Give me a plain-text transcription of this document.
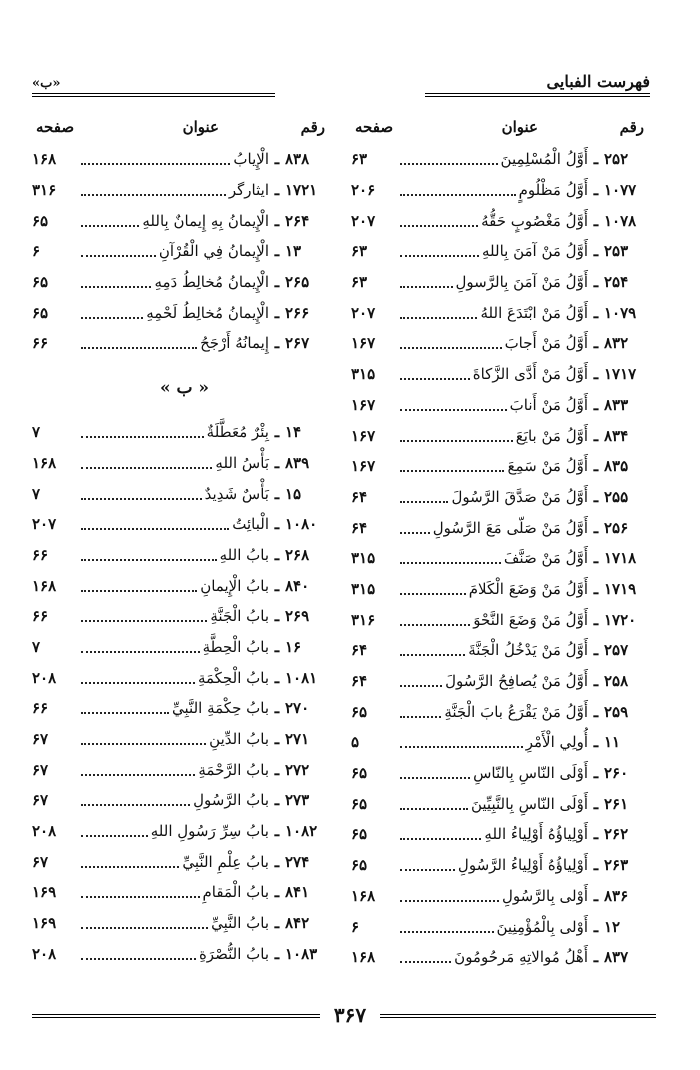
فهرست الفبایی
«ب»
رقم
عنوان
صفحه
۲۵۲
ـ
أَوَّلُ الْمُسْلِمِینَ
۶۳
۱۰۷۷
ـ
أَوَّلُ مَظْلُومٍ
۲۰۶
۱۰۷۸
ـ
أَوَّلُ مَغْصُوبٍ حَقُّهُ
۲۰۷
۲۵۳
ـ
أَوَّلُ مَنْ آمَنَ بِاللهِ
۶۳
۲۵۴
ـ
أَوَّلُ مَنْ آمَنَ بِالرَّسولِ
۶۳
۱۰۷۹
ـ
أَوَّلُ مَنْ ابْتَدَعَ اللهُ
۲۰۷
۸۳۲
ـ
أَوَّلُ مَنْ أَجابَ
۱۶۷
۱۷۱۷
ـ
أَوَّلُ مَنْ أَدَّى الزَّكاةَ
۳۱۵
۸۳۳
ـ
أَوَّلُ مَنْ أَنابَ
۱۶۷
۸۳۴
ـ
أَوَّلُ مَنْ بايَعَ
۱۶۷
۸۳۵
ـ
أَوَّلُ مَنْ سَمِعَ
۱۶۷
۲۵۵
ـ
أَوَّلُ مَنْ صَدَّقَ الرَّسُولَ
۶۴
۲۵۶
ـ
أَوَّلُ مَنْ صَلّى مَعَ الرَّسُولِ
۶۴
۱۷۱۸
ـ
أَوَّلُ مَنْ صَنَّفَ
۳۱۵
۱۷۱۹
ـ
أَوَّلُ مَنْ وَضَعَ الْكَلامَ
۳۱۵
۱۷۲۰
ـ
أَوَّلُ مَنْ وَضَعَ النَّحْوَ
۳۱۶
۲۵۷
ـ
أَوَّلُ مَنْ يَدْخُلُ الْجَنَّةَ
۶۴
۲۵۸
ـ
أَوَّلُ مَنْ يُصافِحُ الرَّسُولَ
۶۴
۲۵۹
ـ
أَوَّلُ مَنْ يَقْرَعُ بابَ الْجَنَّةِ
۶۵
۱۱
ـ
أُولِي الْأَمْرِ
۵
۲۶۰
ـ
أَوْلَى النّاسِ بِالنّاسِ
۶۵
۲۶۱
ـ
أَوْلَى النّاسِ بِالنَّبِيِّينَ
۶۵
۲۶۲
ـ
أَوْلِياؤُهُ أَوْلِياءُ اللهِ
۶۵
۲۶۳
ـ
أَوْلِياؤُهُ أَوْلِياءُ الرَّسُولِ
۶۵
۸۳۶
ـ
أَوْلى بِالرَّسُولِ
۱۶۸
۱۲
ـ
أَوْلى بِالْمُؤْمِنِينَ
۶
۸۳۷
ـ
أَهْلُ مُوالاتِهِ مَرحُومُونَ
۱۶۸
رقم
عنوان
صفحه
۸۳۸
ـ
الْإِيابُ
۱۶۸
۱۷۲۱
ـ
ایثارگر
۳۱۶
۲۶۴
ـ
الْإِيمانُ بِهِ إِيمانٌ بِاللهِ
۶۵
۱۳
ـ
الْإِيمانُ فِي الْقُرْآنِ
۶
۲۶۵
ـ
الْإِيمانُ مُخالِطُ دَمِهِ
۶۵
۲۶۶
ـ
الْإِيمانُ مُخالِطُ لَحْمِهِ
۶۵
۲۶۷
ـ
إِيمانُهُ أَرْجَحُ
۶۶
« ب »
۱۴
ـ
بِئْرٌ مُعَطَّلَةٌ
۷
۸۳۹
ـ
بَأْسُ اللهِ
۱۶۸
۱۵
ـ
بَأْسٌ شَدِيدٌ
۷
۱۰۸۰
ـ
الْبائِتُ
۲۰۷
۲۶۸
ـ
بابُ اللهِ
۶۶
۸۴۰
ـ
بابُ الْإِيمانِ
۱۶۸
۲۶۹
ـ
بابُ الْجَنَّةِ
۶۶
۱۶
ـ
بابُ الْحِطَّةِ
۷
۱۰۸۱
ـ
بابُ الْحِكْمَةِ
۲۰۸
۲۷۰
ـ
بابُ حِكْمَةِ النَّبِيِّ
۶۶
۲۷۱
ـ
بابُ الدِّينِ
۶۷
۲۷۲
ـ
بابُ الرَّحْمَةِ
۶۷
۲۷۳
ـ
بابُ الرَّسُولِ
۶۷
۱۰۸۲
ـ
بابُ سِرِّ رَسُولِ اللهِ
۲۰۸
۲۷۴
ـ
بابُ عِلْمِ النَّبِيِّ
۶۷
۸۴۱
ـ
بابُ الْمَقامِ
۱۶۹
۸۴۲
ـ
بابُ النَّبِيِّ
۱۶۹
۱۰۸۳
ـ
بابُ النُّصْرَةِ
۲۰۸
۳۶۷
